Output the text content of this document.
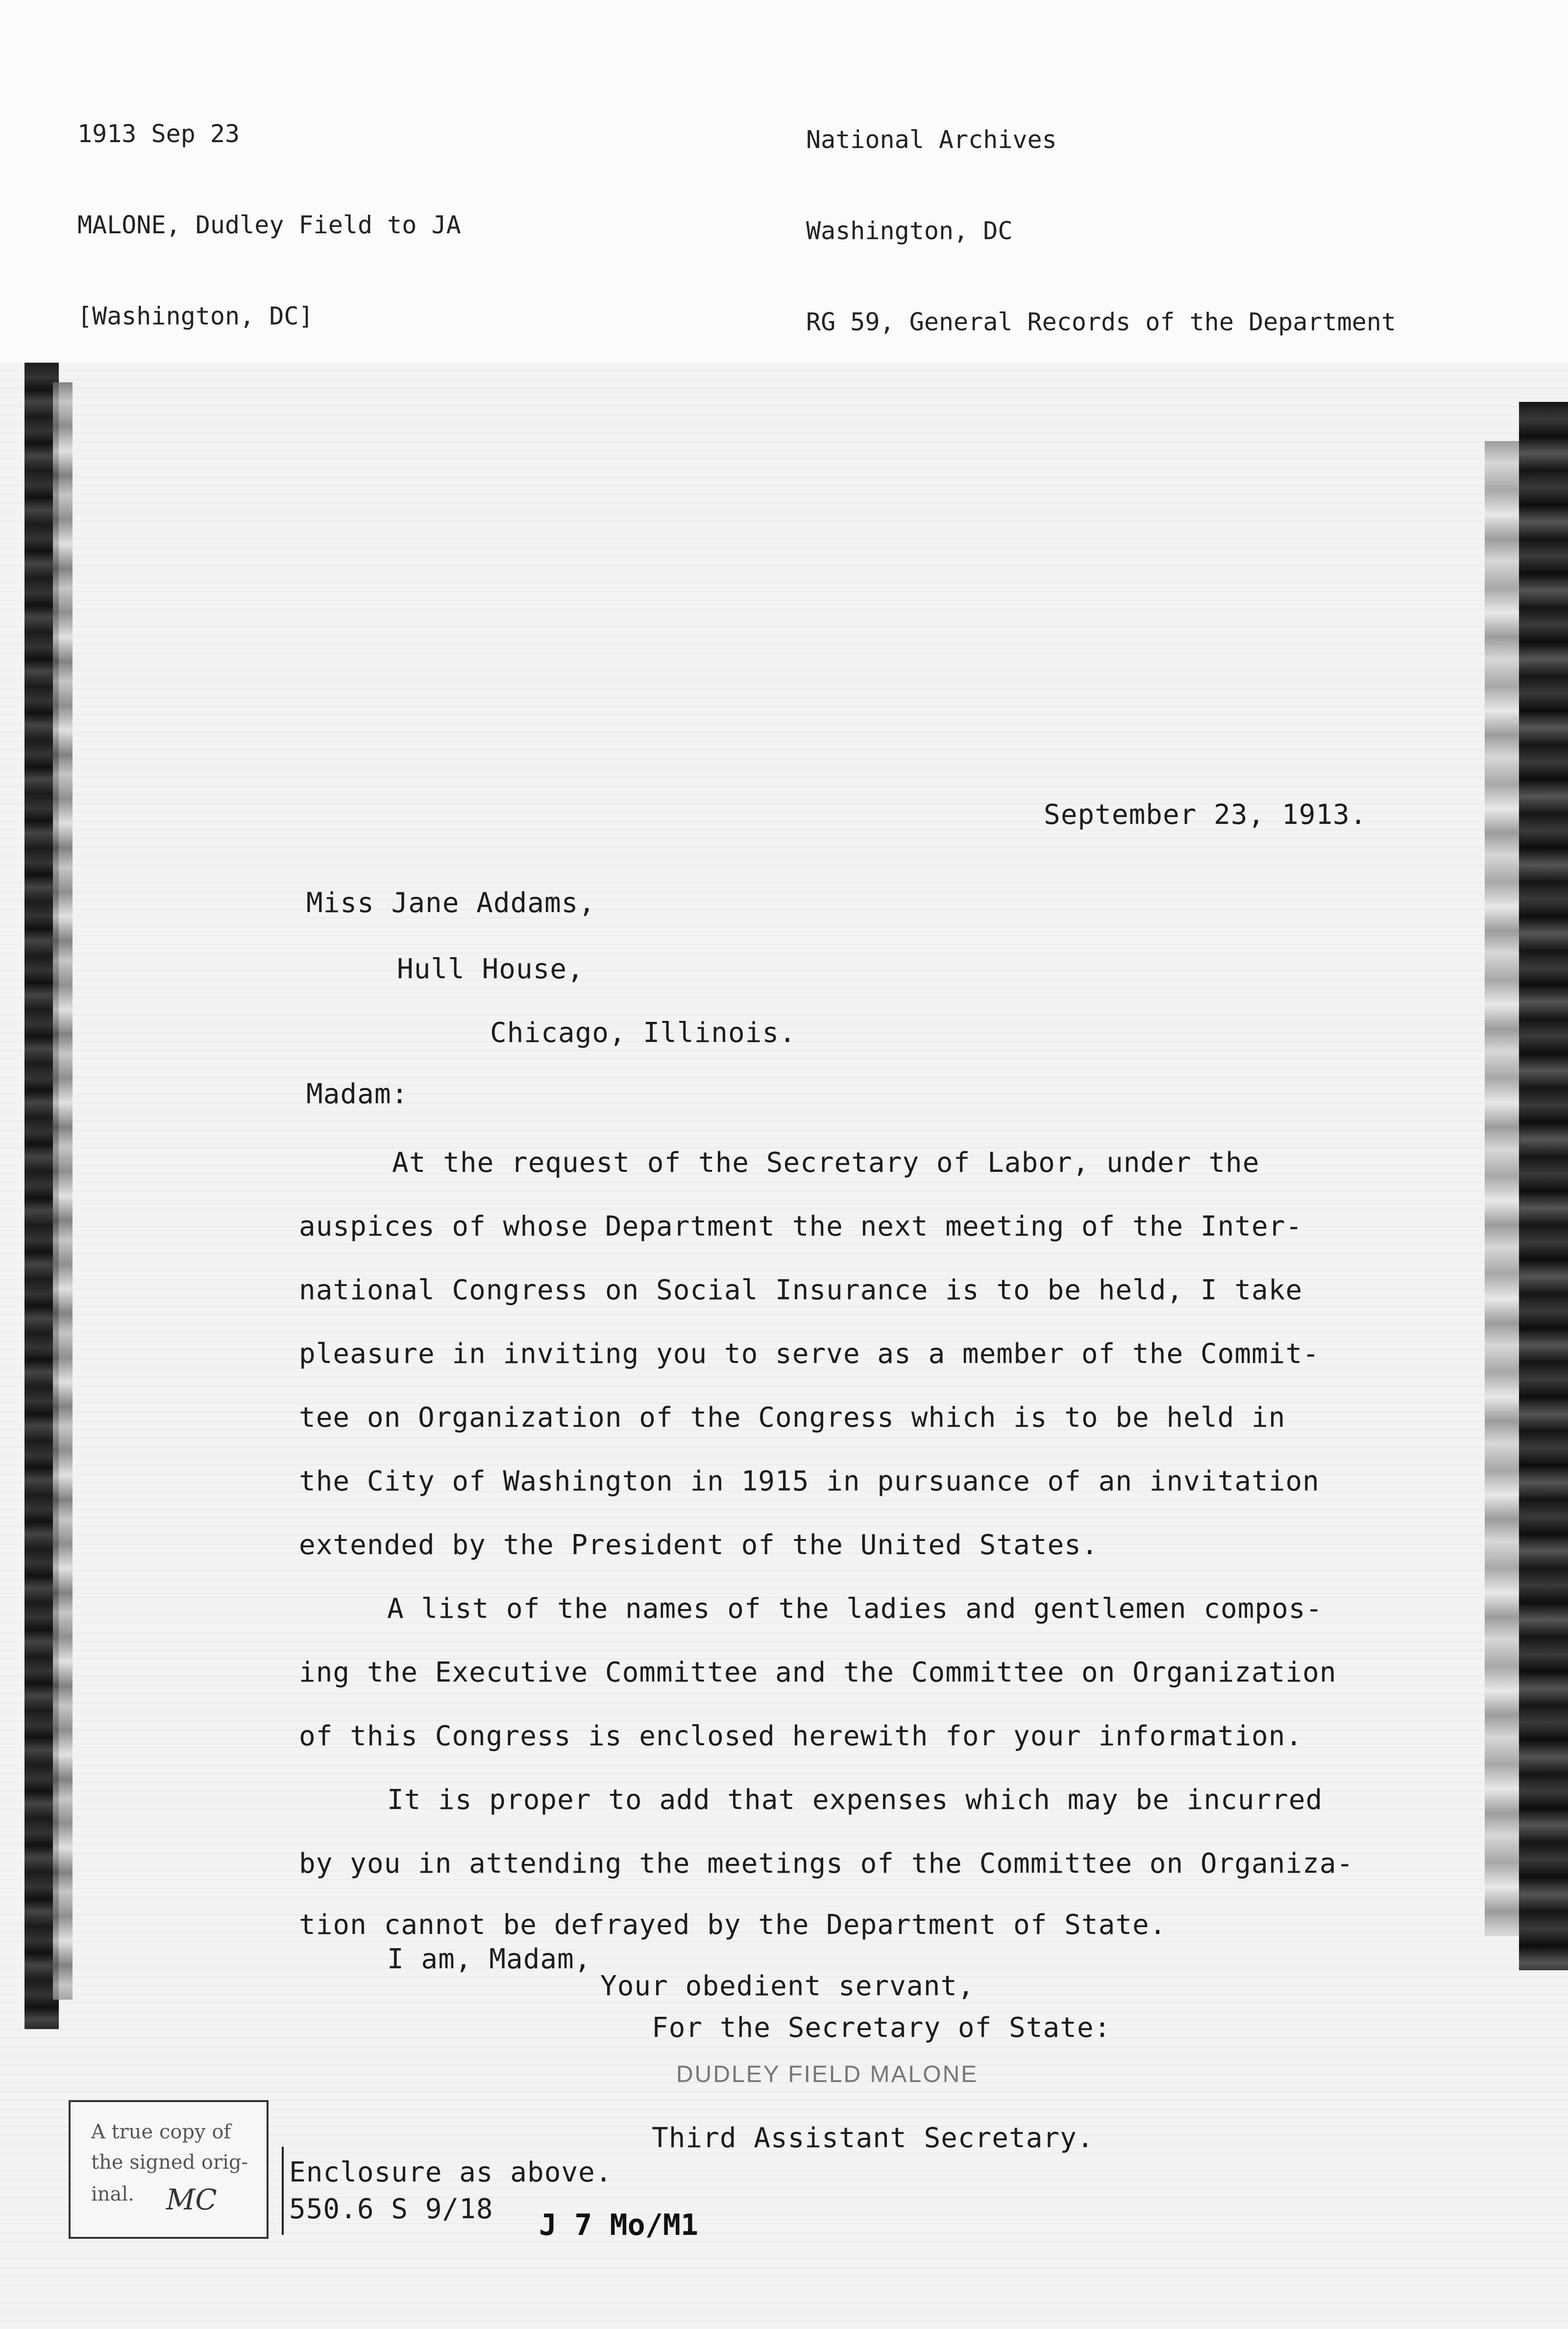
1913 Sep 23

MALONE, Dudley Field to JA

[Washington, DC]

National Archives

Washington, DC

RG 59, General Records of the Department

September 23, 1913.
Miss Jane Addams,
Hull House,
Chicago, Illinois.
Madam:
At the request of the Secretary of Labor, under the
auspices of whose Department the next meeting of the Inter-
national Congress on Social Insurance is to be held, I take
pleasure in inviting you to serve as a member of the Commit-
tee on Organization of the Congress which is to be held in
the City of Washington in 1915 in pursuance of an invitation
extended by the President of the United States.
A list of the names of the ladies and gentlemen compos-
ing the Executive Committee and the Committee on Organization
of this Congress is enclosed herewith for your information.
It is proper to add that expenses which may be incurred
by you in attending the meetings of the Committee on Organiza-
tion cannot be defrayed by the Department of State.
I am, Madam,
Your obedient servant,
For the Secretary of State:
DUDLEY FIELD MALONE
Third Assistant Secretary.
Enclosure as above.
550.6 S 9/18 J 7 Mo/M1
A true copy of
the signed orig-
inal.	MC
